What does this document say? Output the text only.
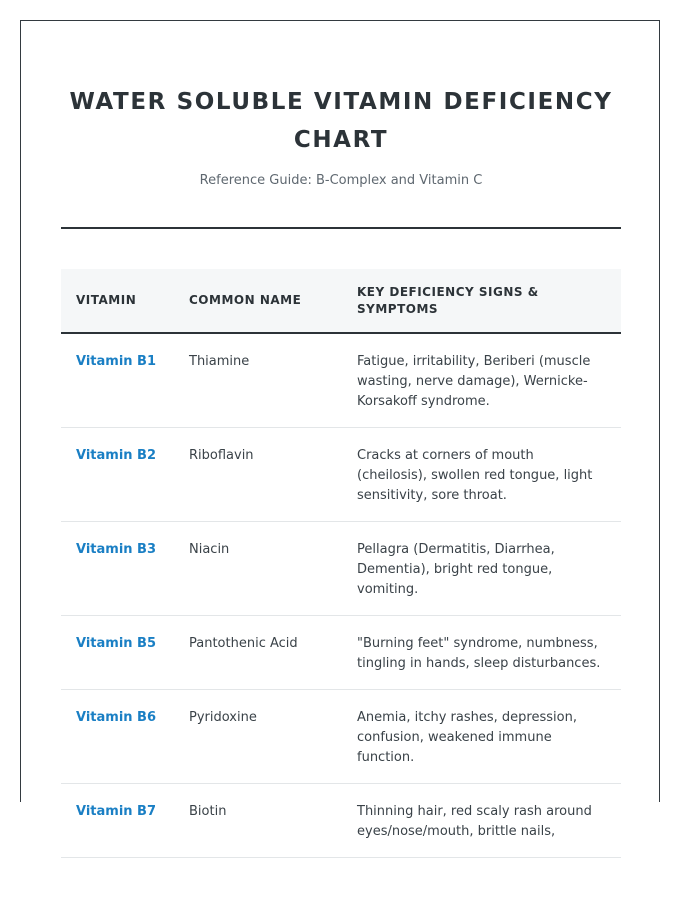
WATER SOLUBLE VITAMIN DEFICIENCY CHART
Reference Guide: B-Complex and Vitamin C
VITAMIN	COMMON NAME	KEY DEFICIENCY SIGNS & SYMPTOMS
Vitamin B1	Thiamine	Fatigue, irritability, Beriberi (muscle wasting, nerve damage), Wernicke-Korsakoff syndrome.
Vitamin B2	Riboflavin	Cracks at corners of mouth (cheilosis), swollen red tongue, light sensitivity, sore throat.
Vitamin B3	Niacin	Pellagra (Dermatitis, Diarrhea, Dementia), bright red tongue, vomiting.
Vitamin B5	Pantothenic Acid	"Burning feet" syndrome, numbness, tingling in hands, sleep disturbances.
Vitamin B6	Pyridoxine	Anemia, itchy rashes, depression, confusion, weakened immune function.
Vitamin B7	Biotin	Thinning hair, red scaly rash around eyes/nose/mouth, brittle nails,
